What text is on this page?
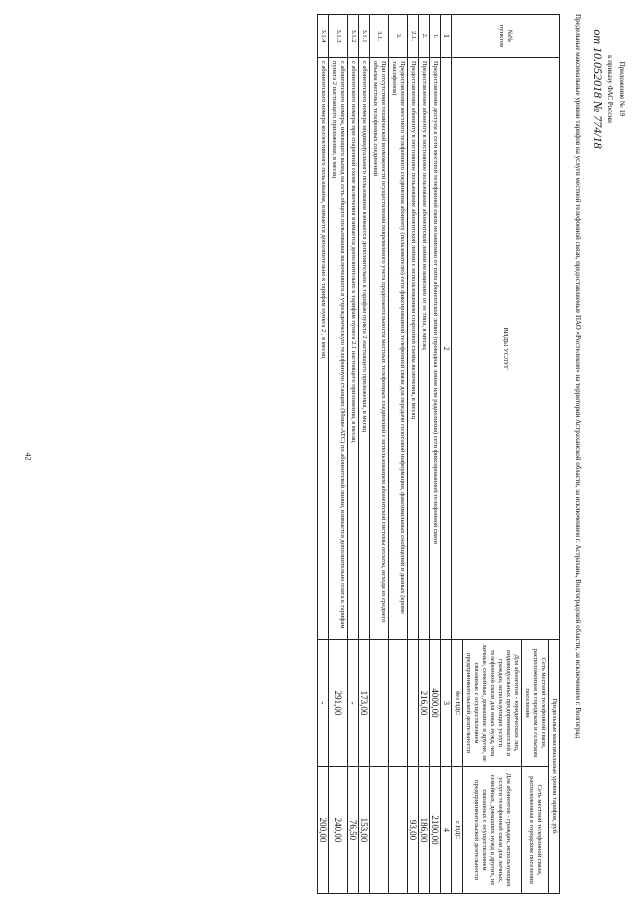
42
Приложение № 19
к приказу ФАС России
от 10.052018 № 774/18
Предельные максимальные уровни тарифов на услуги местной телефонной связи, предоставляемые ПАО «Ростелеком» на территории Астраханской области, за исключением г. Астрахань, Волгоградской области, за исключением г. Волгоград
№№ пунктов	ВИДЫ УСЛУГ	Предельные максимальные уровни тарифов, руб.	
		Сеть местной телефонной связи, расположенная в городском и сельском поселении	Сеть местной телефонной связи, расположенная в городском поселении
		Для абонентов - юридических лиц, индивидуальных предпринимателей и граждан, использующих услуги телефонной связи для иных нужд, чем личные, семейные, домашние и другие, не связанные с осуществлением предпринимательской деятельности	Для абонентов - граждан, использующих услуги телефонной связи для личных, семейных, домашних нужд и других, не связанных с осуществлением предпринимательской деятельности
		без НДС	с НДС
1	2	3	4
1.	Предоставление доступа к сети местной телефонной связи независимо от типа абонентской линии (проводная линия или радиолиния) сети фиксированной телефонной связи	4000,00	2100,00
2.	Предоставление абоненту в постоянное пользование абонентской линии независимо от ее типа, в месяц	216,00	186,00
2.1.	Предоставление абоненту в постоянное пользование абонентской линии с использованием спаренной схемы включения, в месяц		93,00
3.	Предоставление местного телефонного соединения абоненту (пользователю) сети фиксированной телефонной связи для передачи голосовой информации, факсимильных сообщений и данных (кроме таксофонов)		
3.1.	При отсутствии технической возможности осуществления повременного учета продолжительности местных телефонных соединений с использованием абонентской системы оплаты, исходя из среднего объема местных телефонных соединений		
3.1.1	с абонентского номера индивидуального пользования взимается дополнительно к тарифам пункта 2 настоящего приложения, в месяц	173,00	153,00
3.1.2	с абонентского номера при спаренной схеме включения взимается дополнительно к тарифам пункта 2.1 настоящего приложения, в месяц	-	76,50
3.1.3	с абонентского номера, имеющего выход на сеть общего пользования включенного в учрежденческую телефонную станцию (Мини-АТС) по абонентской линии, взимается дополнительно плата к тарифам пункта 2 настоящего приложения, в месяц	291,00	240,00
3.1.4	с абонентского номера коллективного пользования, взимается дополнительно к тарифам пункта 2 , в месяц	-	200,00
